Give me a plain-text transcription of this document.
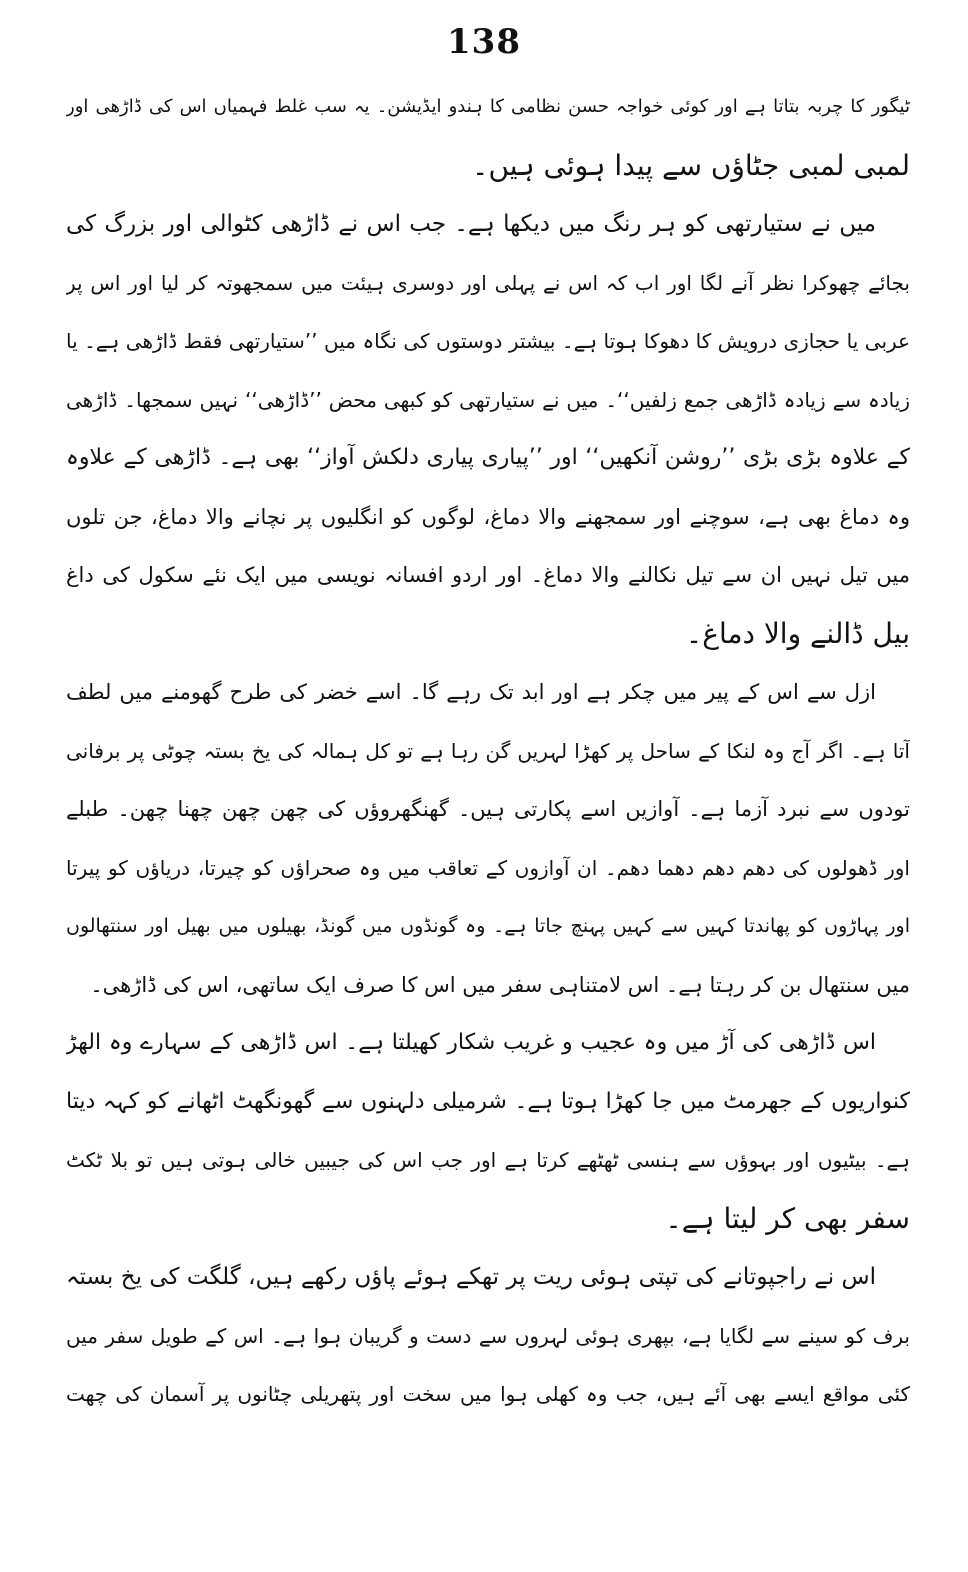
138
ٹیگور کا چربہ بتاتا ہے اور کوئی خواجہ حسن نظامی کا ہندو ایڈیشن۔ یہ سب غلط فہمیاں اس کی ڈاڑھی اور
لمبی لمبی جٹاؤں سے پیدا ہوئی ہیں۔
میں نے ستیارتھی کو ہر رنگ میں دیکھا ہے۔ جب اس نے ڈاڑھی کٹوالی اور بزرگ کی
بجائے چھوکرا نظر آنے لگا اور اب کہ اس نے پہلی اور دوسری ہیئت میں سمجھوتہ کر لیا اور اس پر
عربی یا حجازی درویش کا دھوکا ہوتا ہے۔ بیشتر دوستوں کی نگاہ میں ’’ستیارتھی فقط ڈاڑھی ہے۔ یا
زیادہ سے زیادہ ڈاڑھی جمع زلفیں‘‘۔ میں نے ستیارتھی کو کبھی محض ’’ڈاڑھی‘‘ نہیں سمجھا۔ ڈاڑھی
کے علاوہ بڑی بڑی ’’روشن آنکھیں‘‘ اور ’’پیاری پیاری دلکش آواز‘‘ بھی ہے۔ ڈاڑھی کے علاوہ
وہ دماغ بھی ہے، سوچنے اور سمجھنے والا دماغ، لوگوں کو انگلیوں پر نچانے والا دماغ، جن تلوں
میں تیل نہیں ان سے تیل نکالنے والا دماغ۔ اور اردو افسانہ نویسی میں ایک نئے سکول کی داغ
بیل ڈالنے والا دماغ۔
ازل سے اس کے پیر میں چکر ہے اور ابد تک رہے گا۔ اسے خضر کی طرح گھومنے میں لطف
آتا ہے۔ اگر آج وہ لنکا کے ساحل پر کھڑا لہریں گن رہا ہے تو کل ہمالہ کی یخ بستہ چوٹی پر برفانی
تودوں سے نبرد آزما ہے۔ آوازیں اسے پکارتی ہیں۔ گھنگھروؤں کی چھن چھن چھنا چھن۔ طبلے
اور ڈھولوں کی دھم دھم دھما دھم۔ ان آوازوں کے تعاقب میں وہ صحراؤں کو چیرتا، دریاؤں کو پیرتا
اور پہاڑوں کو پھاندتا کہیں سے کہیں پہنچ جاتا ہے۔ وہ گونڈوں میں گونڈ، بھیلوں میں بھیل اور سنتھالوں
میں سنتھال بن کر رہتا ہے۔ اس لامتناہی سفر میں اس کا صرف ایک ساتھی، اس کی ڈاڑھی۔
اس ڈاڑھی کی آڑ میں وہ عجیب و غریب شکار کھیلتا ہے۔ اس ڈاڑھی کے سہارے وہ الھڑ
کنواریوں کے جھرمٹ میں جا کھڑا ہوتا ہے۔ شرمیلی دلہنوں سے گھونگھٹ اٹھانے کو کہہ دیتا
ہے۔ بیٹیوں اور بہوؤں سے ہنسی ٹھٹھے کرتا ہے اور جب اس کی جیبیں خالی ہوتی ہیں تو بلا ٹکٹ
سفر بھی کر لیتا ہے۔
اس نے راجپوتانے کی تپتی ہوئی ریت پر تھکے ہوئے پاؤں رکھے ہیں، گلگت کی یخ بستہ
برف کو سینے سے لگایا ہے، بپھری ہوئی لہروں سے دست و گریبان ہوا ہے۔ اس کے طویل سفر میں
کئی مواقع ایسے بھی آئے ہیں، جب وہ کھلی ہوا میں سخت اور پتھریلی چٹانوں پر آسمان کی چھت
